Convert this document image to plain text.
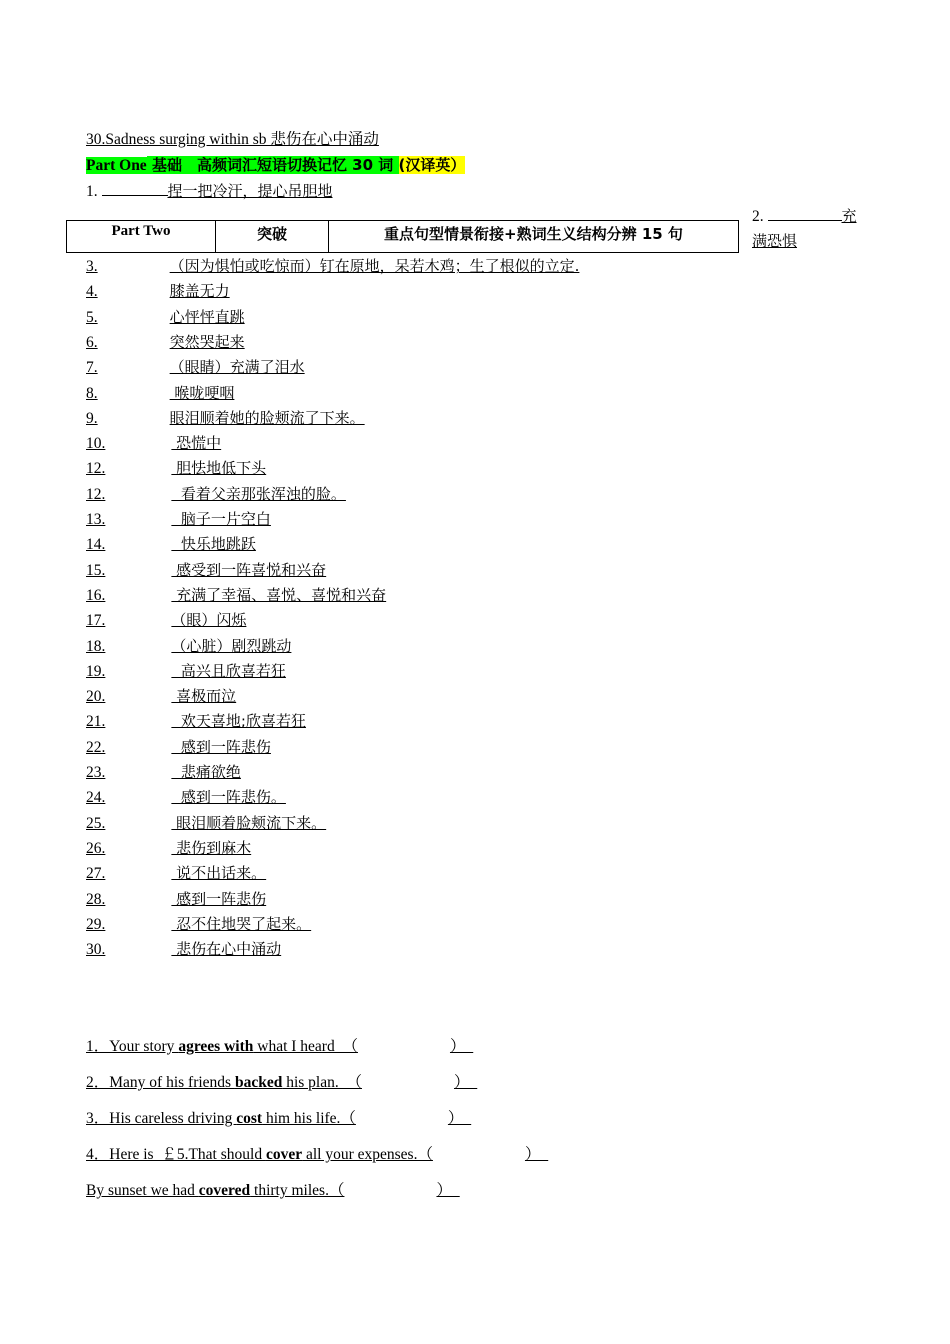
30.Sadness surging within sb 悲伤在心中涌动
Part One 基础　高频词汇短语切换记忆 30 词 (汉译英）
1.	捏一把冷汗，提心吊胆地
2.	充
满恐惧
Part Two	突破	重点句型情景衔接+熟词生义结构分辨 15 句
3.	（因为惧怕或吃惊而）钉在原地，呆若木鸡；生了根似的立定.
4.	膝盖无力
5.	心怦怦直跳
6.	突然哭起来
7.	（眼睛）充满了泪水
8.	喉咙哽咽
9.	眼泪顺着她的脸颊流了下来。
10.	恐慌中
12.	胆怯地低下头
12.	看着父亲那张浑浊的脸。
13.	脑子一片空白
14.	快乐地跳跃
15.	感受到一阵喜悦和兴奋
16.	充满了幸福、喜悦、喜悦和兴奋
17.	（眼）闪烁
18.	（心脏）剧烈跳动
19.	高兴且欣喜若狂
20.	喜极而泣
21.	欢天喜地;欣喜若狂
22.	感到一阵悲伤
23.	悲痛欲绝
24.	感到一阵悲伤。
25.	眼泪顺着脸颊流下来。
26.	悲伤到麻木
27.	说不出话来。
28.	感到一阵悲伤
29.	忍不住地哭了起来。
30.	悲伤在心中涌动
1．Your story agrees with what I heard  （	）
2．Many of his friends backed his plan.  （	）
3．His careless driving cost him his life.（	）
4．Here is  ￡5.That should cover all your expenses.（	）
By sunset we had covered thirty miles.（	）
